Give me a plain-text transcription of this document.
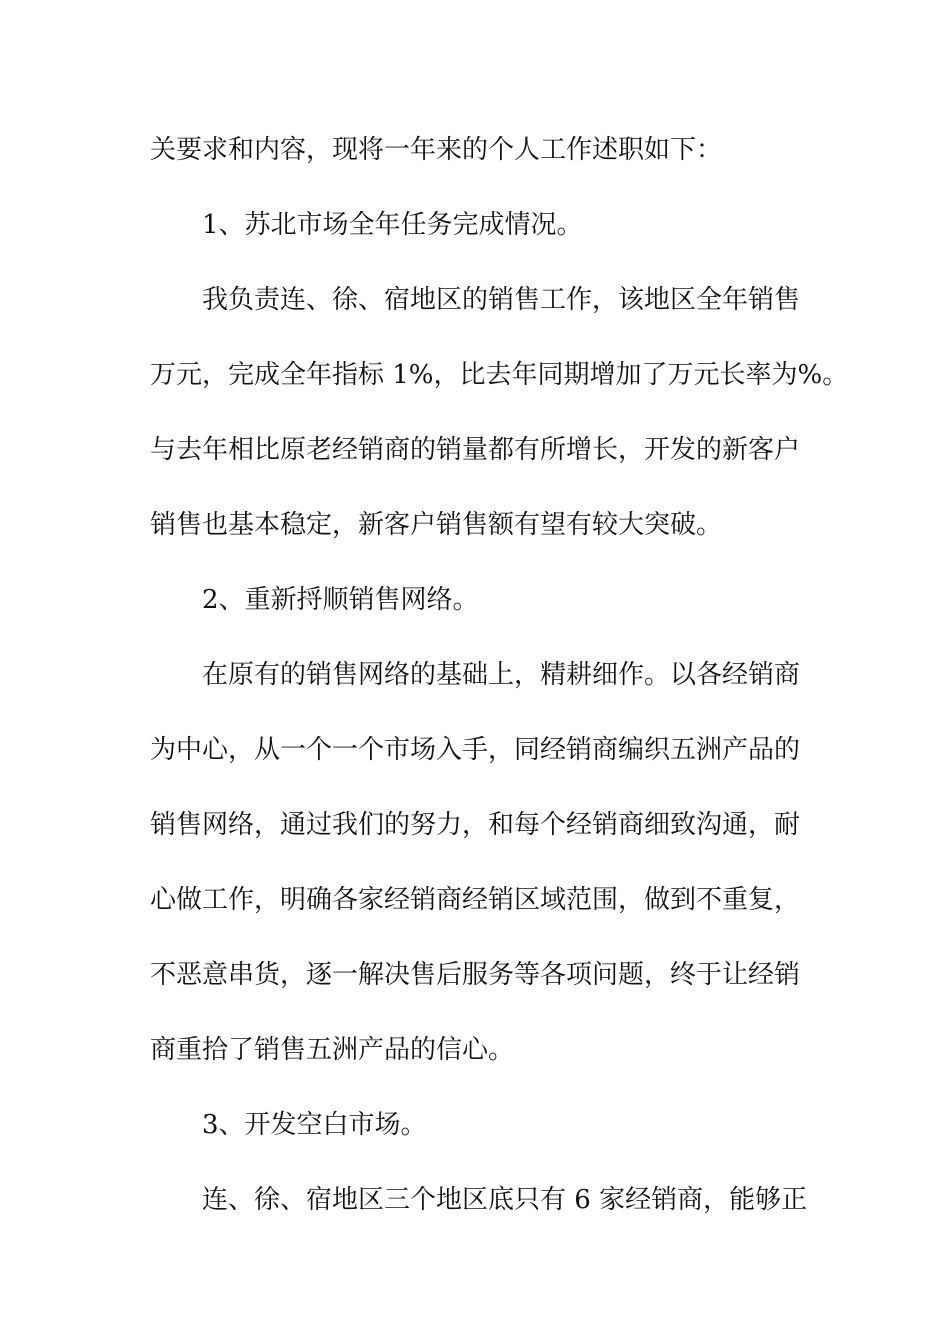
关要求和内容，现将一年来的个人工作述职如下：
1、苏北市场全年任务完成情况。
我负责连、徐、宿地区的销售工作，该地区全年销售
万元，完成全年指标 1%，比去年同期增加了万元长率为%。
与去年相比原老经销商的销量都有所增长，开发的新客户
销售也基本稳定，新客户销售额有望有较大突破。
2、重新捋顺销售网络。
在原有的销售网络的基础上，精耕细作。以各经销商
为中心，从一个一个市场入手，同经销商编织五洲产品的
销售网络，通过我们的努力，和每个经销商细致沟通，耐
心做工作，明确各家经销商经销区域范围，做到不重复，
不恶意串货，逐一解决售后服务等各项问题，终于让经销
商重拾了销售五洲产品的信心。
3、开发空白市场。
连、徐、宿地区三个地区底只有 6 家经销商，能够正
